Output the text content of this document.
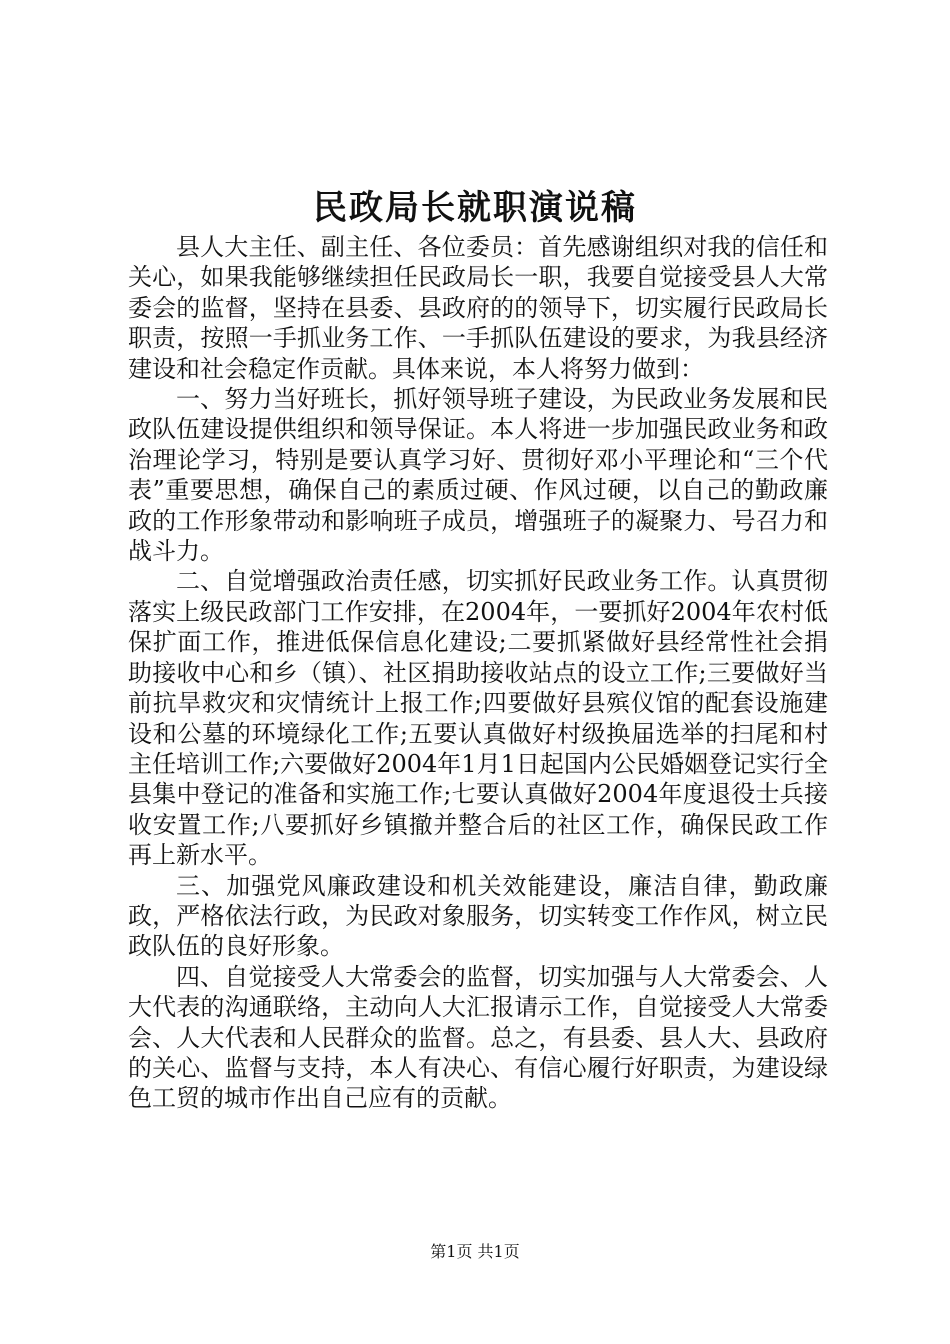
民政局长就职演说稿

县人大主任、副主任、各位委员：首先感谢组织对我的信任和关心，如果我能够继续担任民政局长一职，我要自觉接受县人大常委会的监督，坚持在县委、县政府的的领导下，切实履行民政局长职责，按照一手抓业务工作、一手抓队伍建设的要求，为我县经济建设和社会稳定作贡献。具体来说，本人将努力做到：

一、努力当好班长，抓好领导班子建设，为民政业务发展和民政队伍建设提供组织和领导保证。本人将进一步加强民政业务和政治理论学习，特别是要认真学习好、贯彻好邓小平理论和“三个代表”重要思想，确保自己的素质过硬、作风过硬，以自己的勤政廉政的工作形象带动和影响班子成员，增强班子的凝聚力、号召力和战斗力。

二、自觉增强政治责任感，切实抓好民政业务工作。认真贯彻落实上级民政部门工作安排，在2004年，一要抓好2004年农村低保扩面工作，推进低保信息化建设;二要抓紧做好县经常性社会捐助接收中心和乡（镇）、社区捐助接收站点的设立工作;三要做好当前抗旱救灾和灾情统计上报工作;四要做好县殡仪馆的配套设施建设和公墓的环境绿化工作;五要认真做好村级换届选举的扫尾和村主任培训工作;六要做好2004年1月1日起国内公民婚姻登记实行全县集中登记的准备和实施工作;七要认真做好2004年度退役士兵接收安置工作;八要抓好乡镇撤并整合后的社区工作，确保民政工作再上新水平。

三、加强党风廉政建设和机关效能建设，廉洁自律，勤政廉政，严格依法行政，为民政对象服务，切实转变工作作风，树立民政队伍的良好形象。

四、自觉接受人大常委会的监督，切实加强与人大常委会、人大代表的沟通联络，主动向人大汇报请示工作，自觉接受人大常委会、人大代表和人民群众的监督。总之，有县委、县人大、县政府的关心、监督与支持，本人有决心、有信心履行好职责，为建设绿色工贸的城市作出自己应有的贡献。

第1页 共1页
